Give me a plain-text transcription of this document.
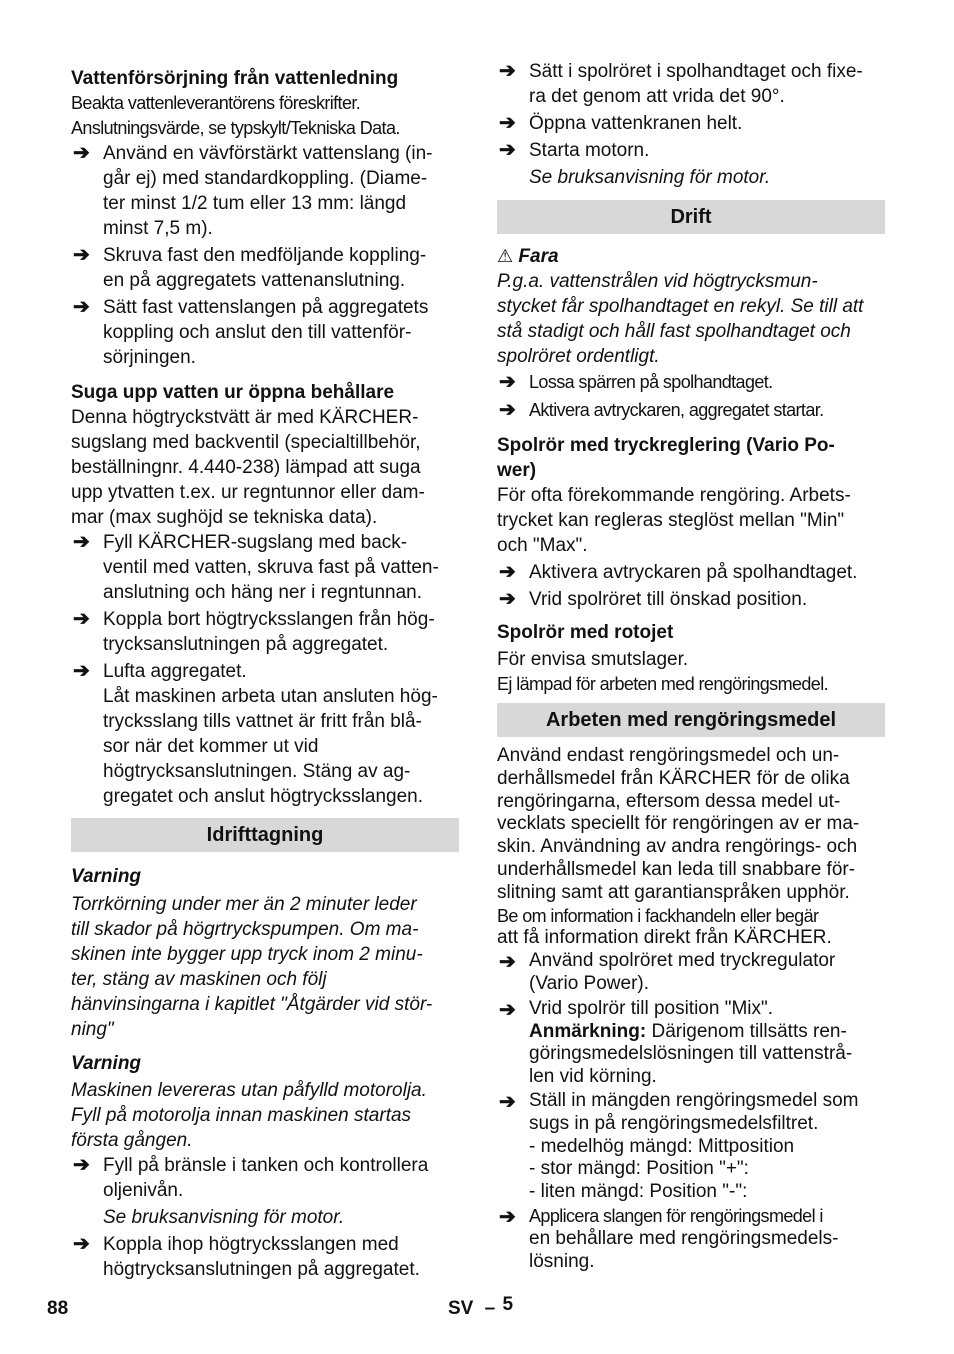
Vattenförsörjning från vattenledning
Beakta vattenleverantörens föreskrifter.
Anslutningsvärde, se typskylt/Tekniska Data.
➔ Använd en vävförstärkt vattenslang (in-
går ej) med standardkoppling. (Diame-
ter minst 1/2 tum eller 13 mm: längd
minst 7,5 m).
➔ Skruva fast den medföljande koppling-
en på aggregatets vattenanslutning.
➔ Sätt fast vattenslangen på aggregatets
koppling och anslut den till vattenför-
sörjningen.
Suga upp vatten ur öppna behållare
Denna högtryckstvätt är med KÄRCHER-
sugslang med backventil (specialtillbehör,
beställningnr. 4.440-238) lämpad att suga
upp ytvatten t.ex. ur regntunnor eller dam-
mar (max sughöjd se tekniska data).
➔ Fyll KÄRCHER-sugslang med back-
ventil med vatten, skruva fast på vatten-
anslutning och häng ner i regntunnan.
➔ Koppla bort högtrycksslangen från hög-
trycksanslutningen på aggregatet.
➔ Lufta aggregatet.
Låt maskinen arbeta utan ansluten hög-
trycksslang tills vattnet är fritt från blå-
sor när det kommer ut vid
högtrycksanslutningen. Stäng av ag-
gregatet och anslut högtrycksslangen.
Idrifttagning
Varning
Torrkörning under mer än 2 minuter leder
till skador på högrtryckspumpen. Om ma-
skinen inte bygger upp tryck inom 2 minu-
ter, stäng av maskinen och följ
hänvinsingarna i kapitlet "Åtgärder vid stör-
ning"
Varning
Maskinen levereras utan påfylld motorolja.
Fyll på motorolja innan maskinen startas
första gången.
➔ Fyll på bränsle i tanken och kontrollera
oljenivån.
Se bruksanvisning för motor.
➔ Koppla ihop högtrycksslangen med
högtrycksanslutningen på aggregatet.
➔ Sätt i spolröret i spolhandtaget och fixe-
ra det genom att vrida det 90°.
➔ Öppna vattenkranen helt.
➔ Starta motorn.
Se bruksanvisning för motor.
Drift
⚠ Fara
P.g.a. vattenstrålen vid högtrycksmun-
stycket får spolhandtaget en rekyl. Se till att
stå stadigt och håll fast spolhandtaget och
spolröret ordentligt.
➔ Lossa spärren på spolhandtaget.
➔ Aktivera avtryckaren, aggregatet startar.
Spolrör med tryckreglering (Vario Po-
wer)
För ofta förekommande rengöring. Arbets-
trycket kan regleras steglöst mellan "Min"
och "Max".
➔ Aktivera avtryckaren på spolhandtaget.
➔ Vrid spolröret till önskad position.
Spolrör med rotojet
För envisa smutslager.
Ej lämpad för arbeten med rengöringsmedel.
Arbeten med rengöringsmedel
Använd endast rengöringsmedel och un-
derhållsmedel från KÄRCHER för de olika
rengöringarna, eftersom dessa medel ut-
vecklats speciellt för rengöringen av er ma-
skin. Användning av andra rengörings- och
underhållsmedel kan leda till snabbare för-
slitning samt att garantianspråken upphör.
Be om information i fackhandeln eller begär
att få information direkt från KÄRCHER.
➔ Använd spolröret med tryckregulator
(Vario Power).
➔ Vrid spolrör till position "Mix".
Anmärkning: Därigenom tillsätts ren-
göringsmedelslösningen till vattenstrå-
len vid körning.
➔ Ställ in mängden rengöringsmedel som
sugs in på rengöringsmedelsfiltret.
- medelhög mängd: Mittposition
- stor mängd: Position "+":
- liten mängd: Position "-":
➔ Applicera slangen för rengöringsmedel i
en behållare med rengöringsmedels-
lösning.
88	SV – 5
